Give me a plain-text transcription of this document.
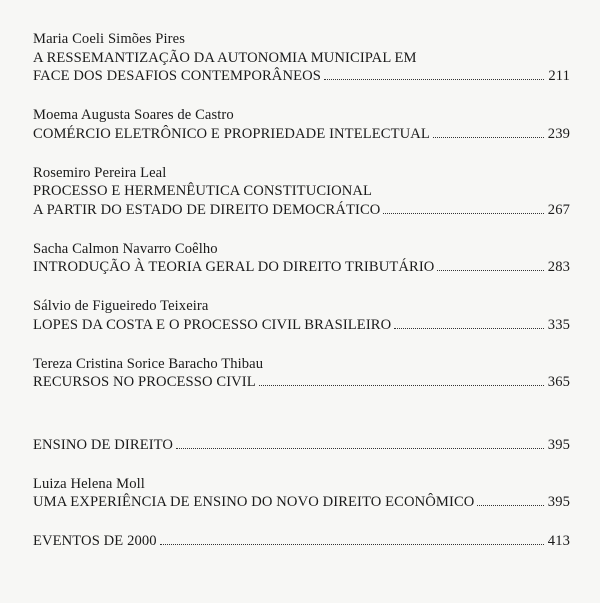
Maria Coeli Simões Pires
A RESSEMANTIZAÇÃO DA AUTONOMIA MUNICIPAL EM
FACE DOS DESAFIOS CONTEMPORÂNEOS	211
Moema Augusta Soares de Castro
COMÉRCIO ELETRÔNICO E PROPRIEDADE INTELECTUAL	239
Rosemiro Pereira Leal
PROCESSO E HERMENÊUTICA CONSTITUCIONAL
A PARTIR DO ESTADO DE DIREITO DEMOCRÁTICO	267
Sacha Calmon Navarro Coêlho
INTRODUÇÃO À TEORIA GERAL DO DIREITO TRIBUTÁRIO	283
Sálvio de Figueiredo Teixeira
LOPES DA COSTA E O PROCESSO CIVIL BRASILEIRO	335
Tereza Cristina Sorice Baracho Thibau
RECURSOS NO PROCESSO CIVIL	365
ENSINO DE DIREITO	395
Luiza Helena Moll
UMA EXPERIÊNCIA DE ENSINO DO NOVO DIREITO ECONÔMICO	395
EVENTOS DE 2000	413
